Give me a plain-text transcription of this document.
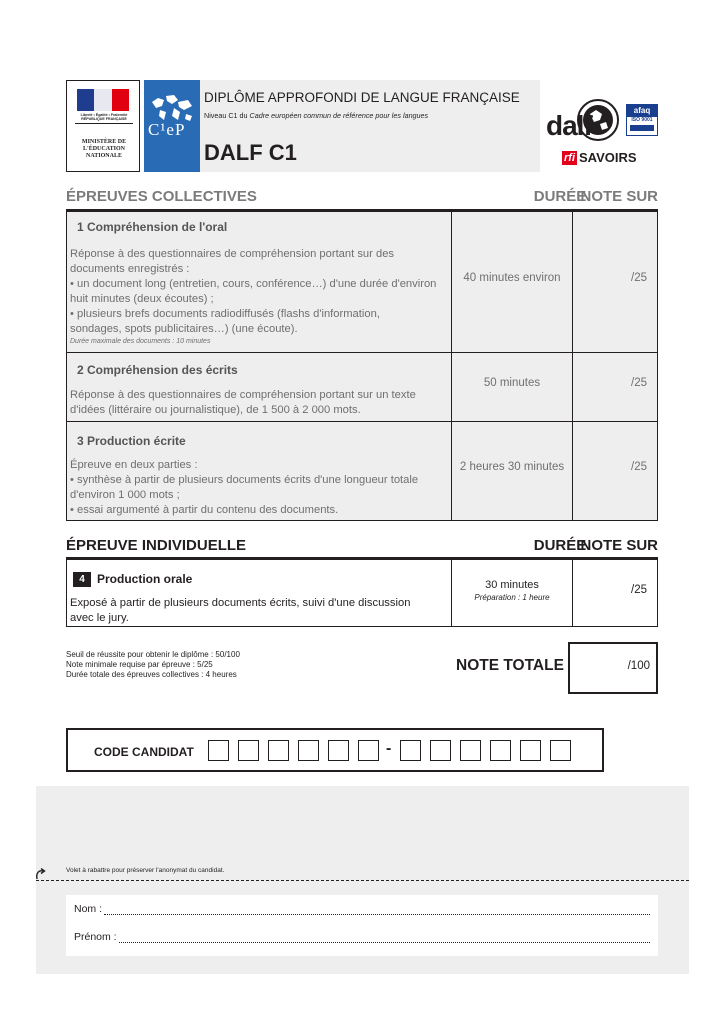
Liberté • Égalité • Fraternité
RÉPUBLIQUE FRANÇAISE
MINISTÈRE DE L'ÉDUCATION NATIONALE
C¹eP
DIPLÔME APPROFONDI DE LANGUE FRANÇAISE
Niveau C1 du Cadre européen commun de référence pour les langues
DALF C1
dalf	afaq
ISO 9001
rfi SAVOIRS
ÉPREUVES COLLECTIVES	DURÉE
NOTE SUR
1 Compréhension de l'oral
Réponse à des questionnaires de compréhension portant sur des
documents enregistrés :
• un document long (entretien, cours, conférence…) d'une durée d'environ
huit minutes (deux écoutes) ;
• plusieurs brefs documents radiodiffusés (flashs d'information,
sondages, spots publicitaires…) (une écoute).
Durée maximale des documents : 10 minutes
40 minutes environ	/25
2 Compréhension des écrits
Réponse à des questionnaires de compréhension portant sur un texte
d'idées (littéraire ou journalistique), de 1 500 à 2 000 mots.
50 minutes	/25
3 Production écrite
Épreuve en deux parties :
• synthèse à partir de plusieurs documents écrits d'une longueur totale
d'environ 1 000 mots ;
• essai argumenté à partir du contenu des documents.
2 heures 30 minutes	/25
ÉPREUVE INDIVIDUELLE	DURÉE
NOTE SUR
4	Production orale
Exposé à partir de plusieurs documents écrits, suivi d'une discussion
avec le jury.
30 minutes
Préparation : 1 heure
/25
Seuil de réussite pour obtenir le diplôme : 50/100
Note minimale requise par épreuve : 5/25
Durée totale des épreuves collectives : 4 heures
NOTE TOTALE	/100
CODE CANDIDAT	-
Volet à rabattre pour préserver l'anonymat du candidat.
Nom :
Prénom :
